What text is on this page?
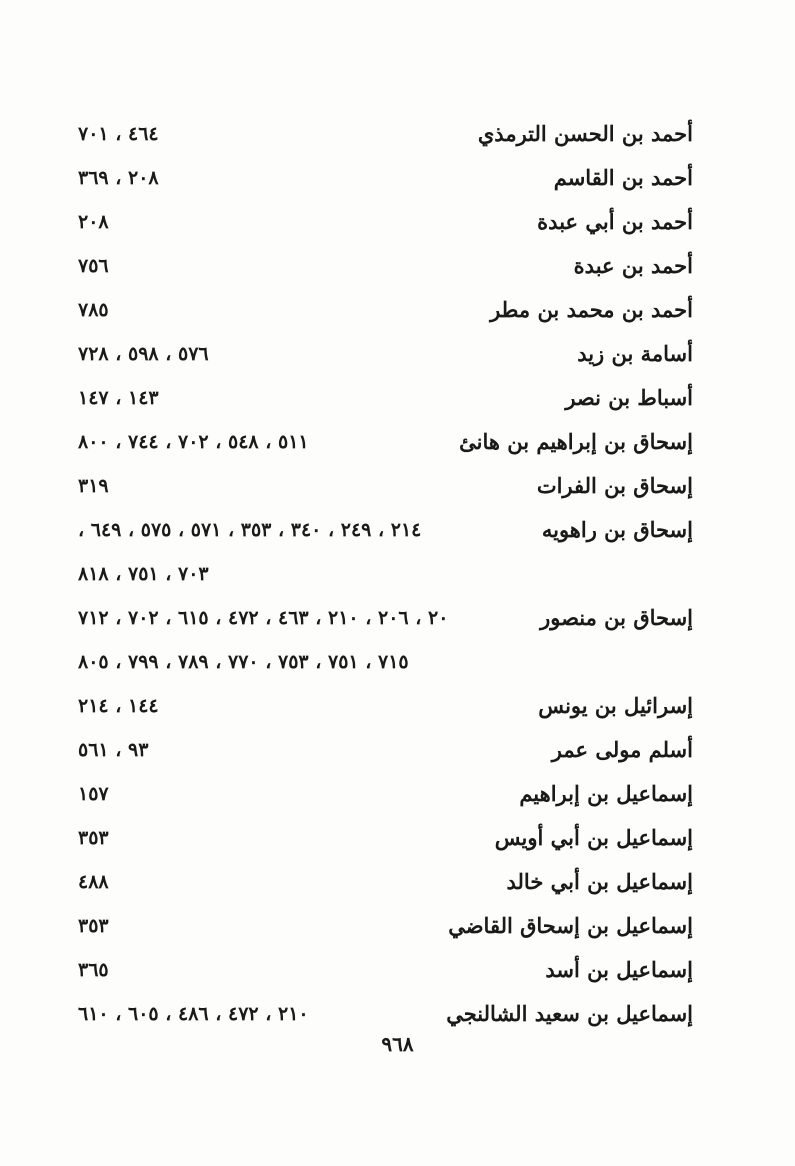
أحمد بن الحسن الترمذي
٤٦٤ ، ٧٠١
أحمد بن القاسم
٢٠٨ ، ٣٦٩
أحمد بن أبي عبدة
٢٠٨
أحمد بن عبدة
٧٥٦
أحمد بن محمد بن مطر
٧٨٥
أسامة بن زيد
٥٧٦ ، ٥٩٨ ، ٧٢٨
أسباط بن نصر
١٤٣ ، ١٤٧
إسحاق بن إبراهيم بن هانئ
٥١١ ، ٥٤٨ ، ٧٠٢ ، ٧٤٤ ، ٨٠٠
إسحاق بن الفرات
٣١٩
إسحاق بن راهويه
٢١٤ ، ٢٤٩ ، ٣٤٠ ، ٣٥٣ ، ٥٧١ ، ٥٧٥ ، ٦٤٩ ،
٧٠٣ ، ٧٥١ ، ٨١٨
إسحاق بن منصور
٢٠ ، ٢٠٦ ، ٢١٠ ، ٤٦٣ ، ٤٧٢ ، ٦١٥ ، ٧٠٢ ، ٧١٢
٧١٥ ، ٧٥١ ، ٧٥٣ ، ٧٧٠ ، ٧٨٩ ، ٧٩٩ ، ٨٠٥
إسرائيل بن يونس
١٤٤ ، ٢١٤
أسلم مولى عمر
٩٣ ، ٥٦١
إسماعيل بن إبراهيم
١٥٧
إسماعيل بن أبي أويس
٣٥٣
إسماعيل بن أبي خالد
٤٨٨
إسماعيل بن إسحاق القاضي
٣٥٣
إسماعيل بن أسد
٣٦٥
إسماعيل بن سعيد الشالنجي
٢١٠ ، ٤٧٢ ، ٤٨٦ ، ٦٠٥ ، ٦١٠
٩٦٨
